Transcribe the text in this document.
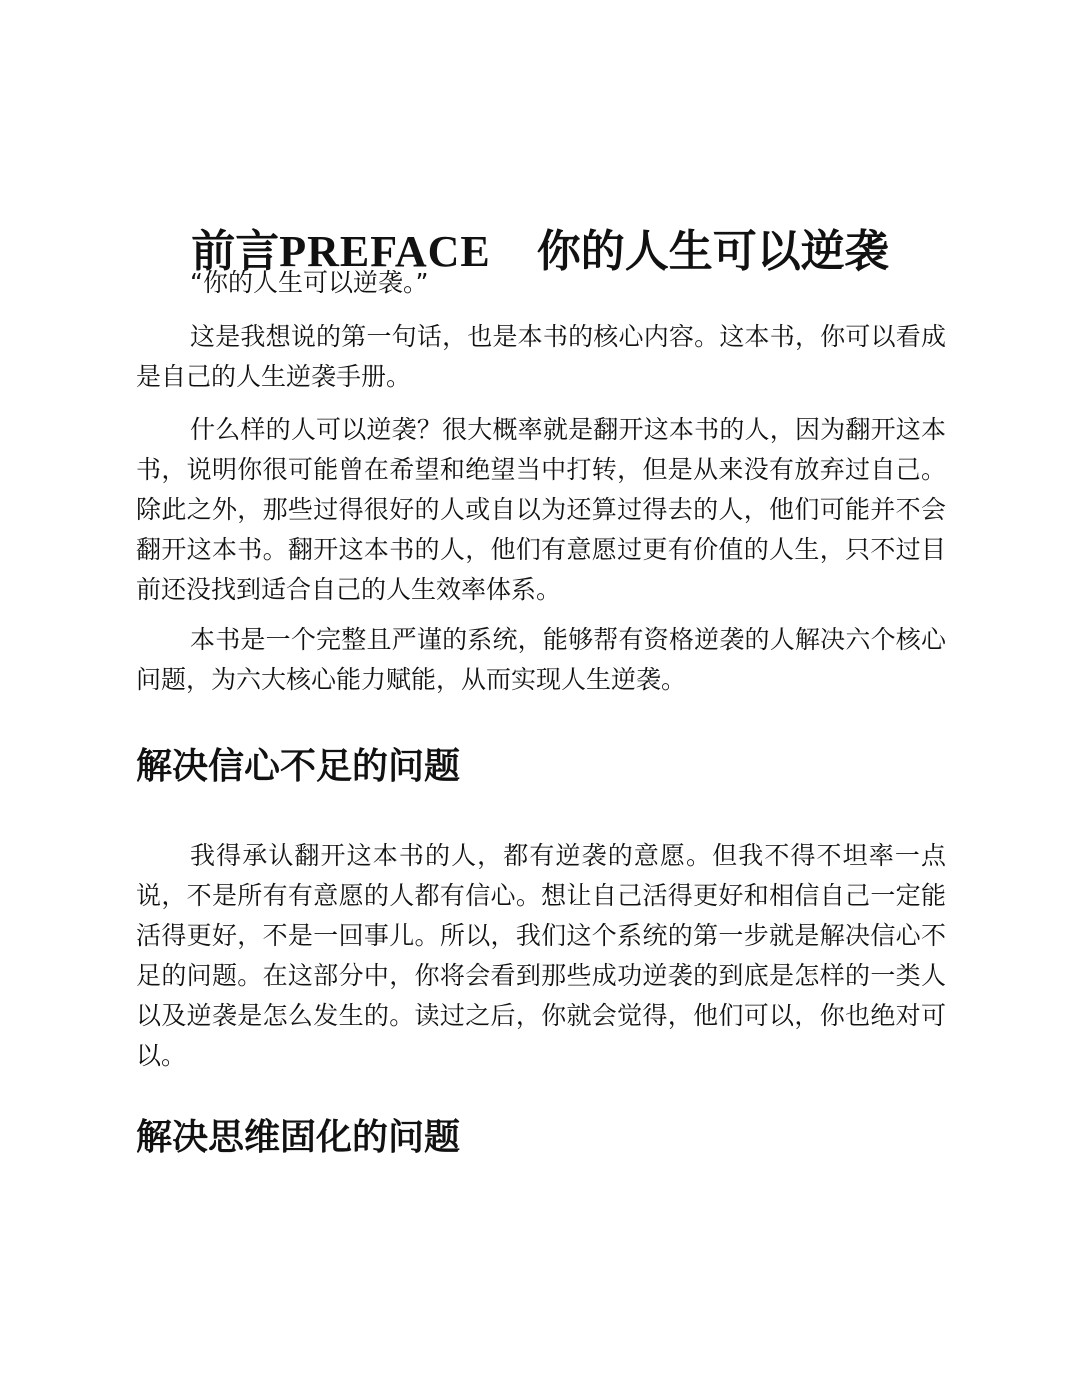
前言PREFACE 你的人生可以逆袭

“你的人生可以逆袭。”

这是我想说的第一句话，也是本书的核心内容。这本书，你可以看成是自己的人生逆袭手册。

什么样的人可以逆袭？很大概率就是翻开这本书的人，因为翻开这本书，说明你很可能曾在希望和绝望当中打转，但是从来没有放弃过自己。除此之外，那些过得很好的人或自以为还算过得去的人，他们可能并不会翻开这本书。翻开这本书的人，他们有意愿过更有价值的人生，只不过目前还没找到适合自己的人生效率体系。

本书是一个完整且严谨的系统，能够帮有资格逆袭的人解决六个核心问题，为六大核心能力赋能，从而实现人生逆袭。

解决信心不足的问题

我得承认翻开这本书的人，都有逆袭的意愿。但我不得不坦率一点说，不是所有有意愿的人都有信心。想让自己活得更好和相信自己一定能活得更好，不是一回事儿。所以，我们这个系统的第一步就是解决信心不足的问题。在这部分中，你将会看到那些成功逆袭的到底是怎样的一类人以及逆袭是怎么发生的。读过之后，你就会觉得，他们可以，你也绝对可以。

解决思维固化的问题
